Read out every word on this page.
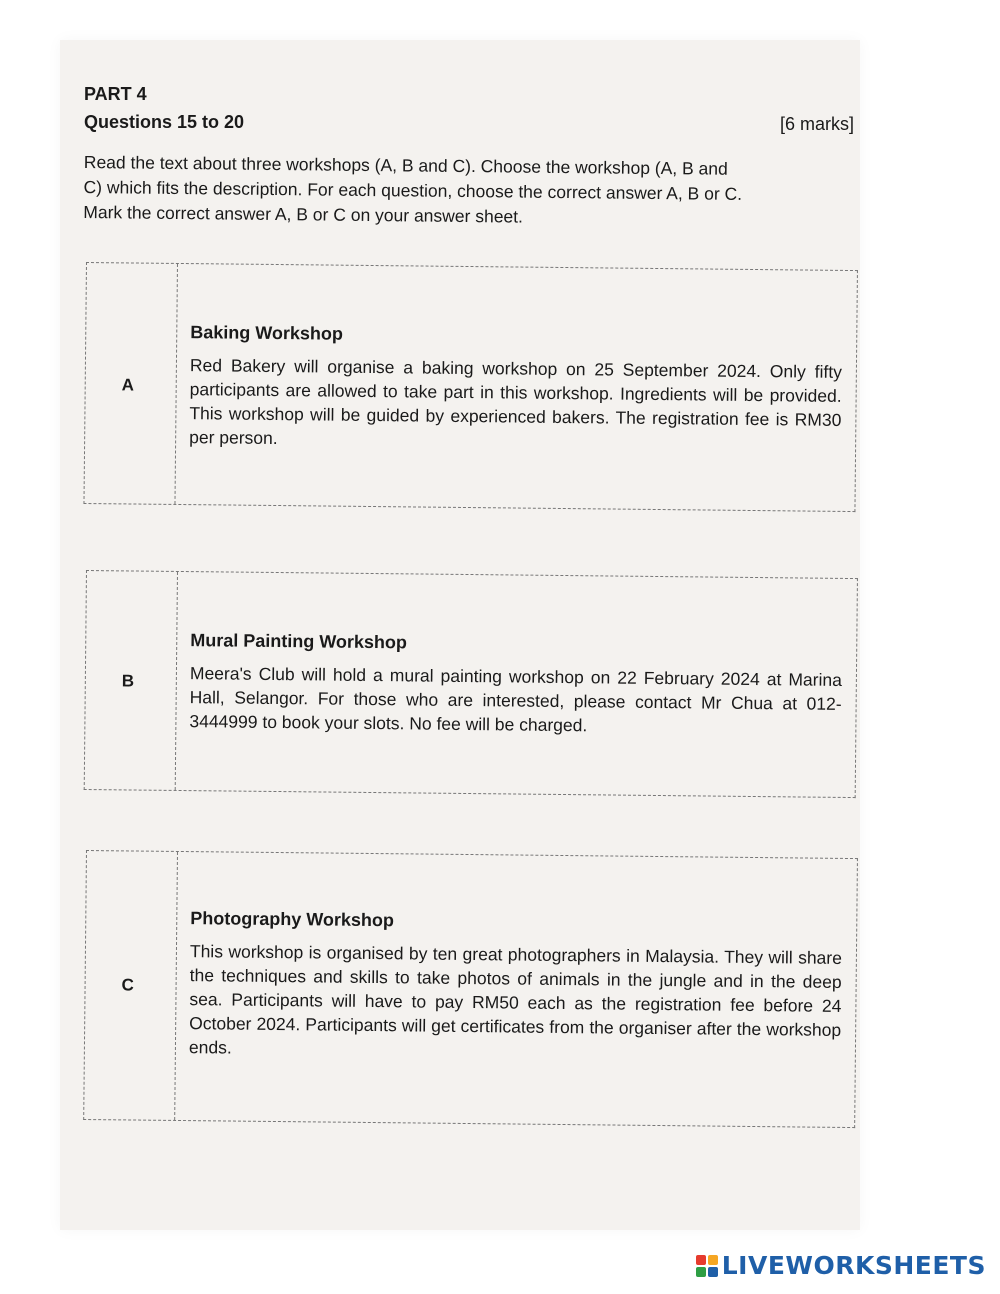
PART 4
Questions 15 to 20	[6 marks]

Read the text about three workshops (A, B and C). Choose the workshop (A, B and

C) which fits the description. For each question, choose the correct answer A, B or C.

Mark the correct answer A, B or C on your answer sheet.

A
Baking Workshop
Red Bakery will organise a baking workshop on 25 September 2024. Only fifty participants are allowed to take part in this workshop. Ingredients will be provided. This workshop will be guided by experienced bakers. The registration fee is RM30 per person.
B
Mural Painting Workshop
Meera's Club will hold a mural painting workshop on 22 February 2024 at Marina Hall, Selangor. For those who are interested, please contact Mr Chua at 012-3444999 to book your slots. No fee will be charged.
C
Photography Workshop
This workshop is organised by ten great photographers in Malaysia. They will share the techniques and skills to take photos of animals in the jungle and in the deep sea. Participants will have to pay RM50 each as the registration fee before 24 October 2024. Participants will get certificates from the organiser after the workshop ends.
LIVEWORKSHEETS
